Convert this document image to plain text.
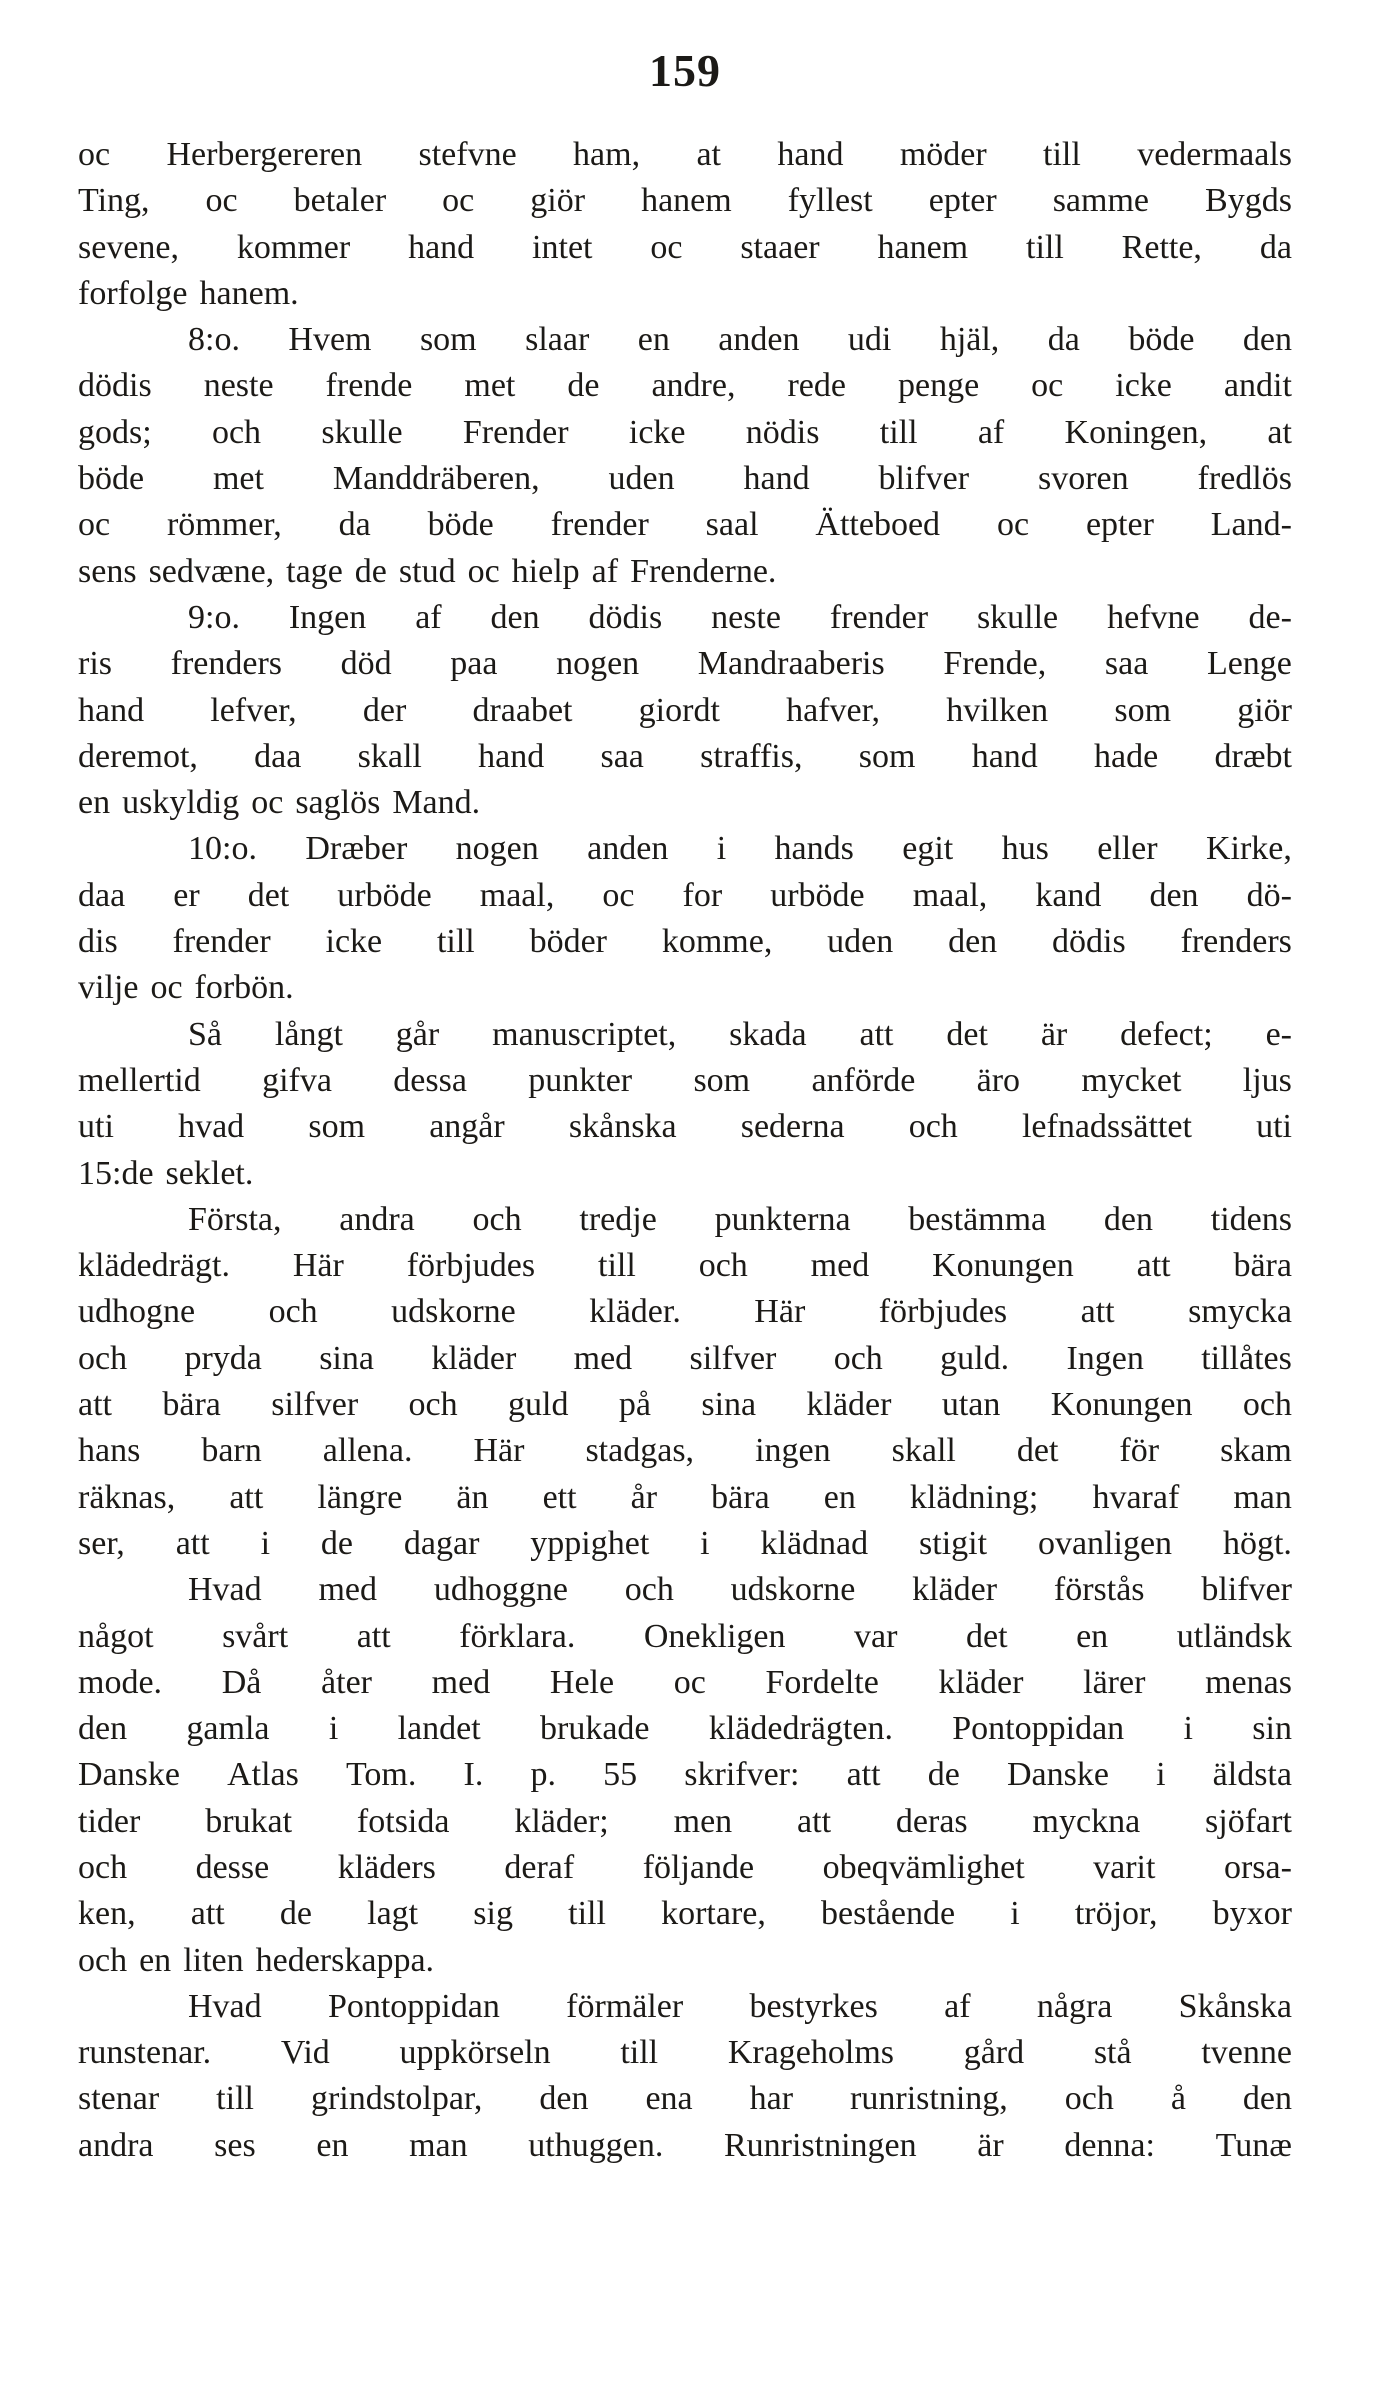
159
oc Herbergereren stefvne ham, at hand möder till vedermaals
Ting, oc betaler oc giör hanem fyllest epter samme Bygds
sevene, kommer hand intet oc staaer hanem till Rette, da
forfolge hanem.
8:o. Hvem som slaar en anden udi hjäl, da böde den
dödis neste frende met de andre, rede penge oc icke andit
gods; och skulle Frender icke nödis till af Koningen, at
böde met Manddräberen, uden hand blifver svoren fredlös
oc römmer, da böde frender saal Ätteboed oc epter Land-
sens sedvæne, tage de stud oc hielp af Frenderne.
9:o. Ingen af den dödis neste frender skulle hefvne de-
ris frenders död paa nogen Mandraaberis Frende, saa Lenge
hand lefver, der draabet giordt hafver, hvilken som giör
deremot, daa skall hand saa straffis, som hand hade dræbt
en uskyldig oc saglös Mand.
10:o. Dræber nogen anden i hands egit hus eller Kirke,
daa er det urböde maal, oc for urböde maal, kand den dö-
dis frender icke till böder komme, uden den dödis frenders
vilje oc forbön.
Så långt går manuscriptet, skada att det är defect; e-
mellertid gifva dessa punkter som anförde äro mycket ljus
uti hvad som angår skånska sederna och lefnadssättet uti
15:de seklet.
Första, andra och tredje punkterna bestämma den tidens
klädedrägt. Här förbjudes till och med Konungen att bära
udhogne och udskorne kläder. Här förbjudes att smycka
och pryda sina kläder med silfver och guld. Ingen tillåtes
att bära silfver och guld på sina kläder utan Konungen och
hans barn allena. Här stadgas, ingen skall det för skam
räknas, att längre än ett år bära en klädning; hvaraf man
ser, att i de dagar yppighet i klädnad stigit ovanligen högt.
Hvad med udhoggne och udskorne kläder förstås blifver
något svårt att förklara. Onekligen var det en utländsk
mode. Då åter med Hele oc Fordelte kläder lärer menas
den gamla i landet brukade klädedrägten. Pontoppidan i sin
Danske Atlas Tom. I. p. 55 skrifver: att de Danske i äldsta
tider brukat fotsida kläder; men att deras myckna sjöfart
och desse kläders deraf följande obeqvämlighet varit orsa-
ken, att de lagt sig till kortare, bestående i tröjor, byxor
och en liten hederskappa.
Hvad Pontoppidan förmäler bestyrkes af några Skånska
runstenar. Vid uppkörseln till Krageholms gård stå tvenne
stenar till grindstolpar, den ena har runristning, och å den
andra ses en man uthuggen. Runristningen är denna: Tunæ
